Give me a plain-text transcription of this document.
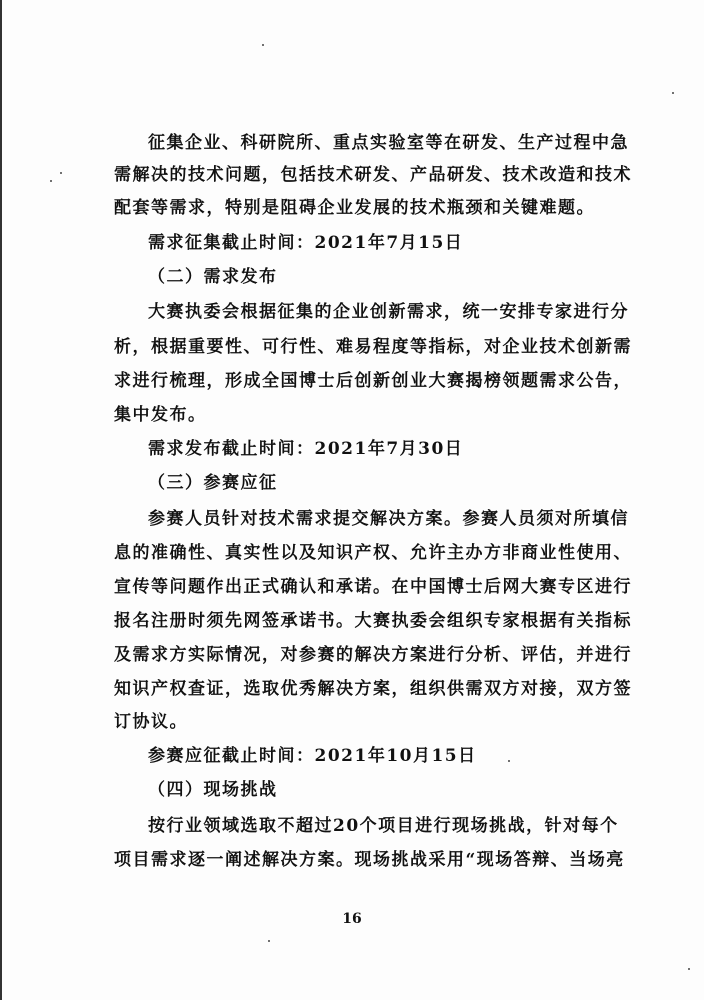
征集企业、科研院所、重点实验室等在研发、生产过程中急
需解决的技术问题，包括技术研发、产品研发、技术改造和技术
配套等需求，特别是阻碍企业发展的技术瓶颈和关键难题。
需求征集截止时间：2021年7月15日
（二）需求发布
大赛执委会根据征集的企业创新需求，统一安排专家进行分
析，根据重要性、可行性、难易程度等指标，对企业技术创新需
求进行梳理，形成全国博士后创新创业大赛揭榜领题需求公告，
集中发布。
需求发布截止时间：2021年7月30日
（三）参赛应征
参赛人员针对技术需求提交解决方案。参赛人员须对所填信
息的准确性、真实性以及知识产权、允许主办方非商业性使用、
宣传等问题作出正式确认和承诺。在中国博士后网大赛专区进行
报名注册时须先网签承诺书。大赛执委会组织专家根据有关指标
及需求方实际情况，对参赛的解决方案进行分析、评估，并进行
知识产权查证，选取优秀解决方案，组织供需双方对接，双方签
订协议。
参赛应征截止时间：2021年10月15日
（四）现场挑战
按行业领域选取不超过20个项目进行现场挑战，针对每个
项目需求逐一阐述解决方案。现场挑战采用“现场答辩、当场亮
16
